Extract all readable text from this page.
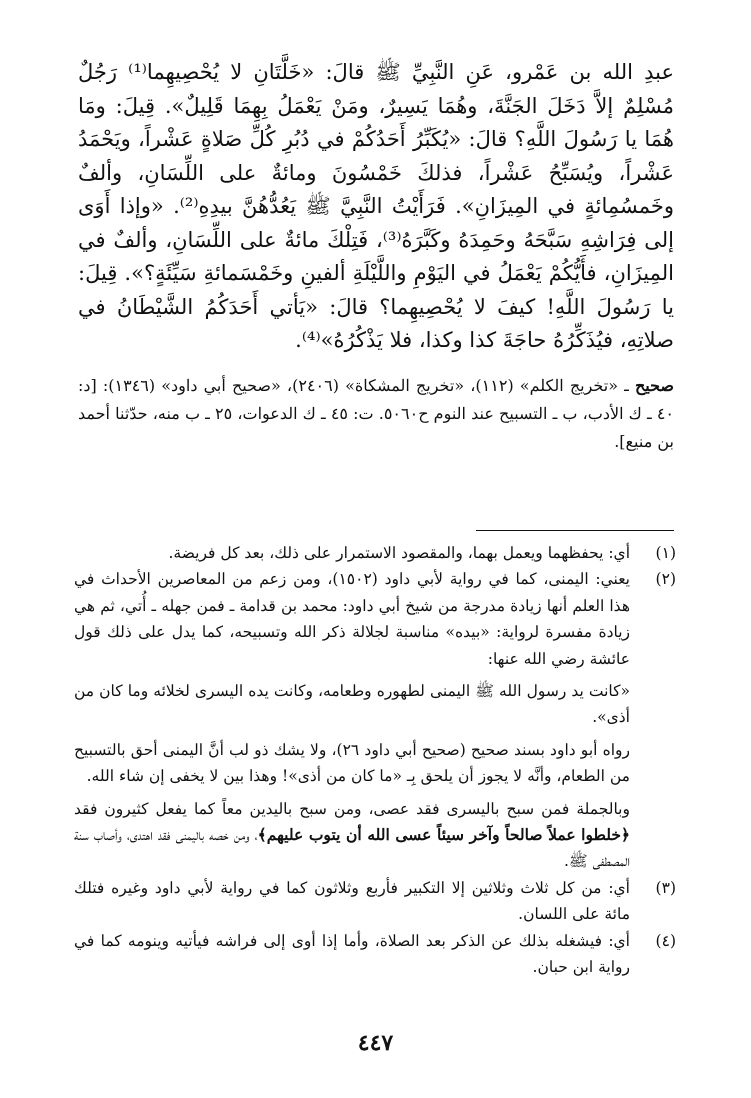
عبدِ الله بن عَمْرو، عَنِ النَّبِيِّ ﷺ قالَ: «خَلَّتَانِ لا يُحْصِيهِما⁽¹⁾ رَجُلٌ مُسْلِمٌ إلاَّ دَخَلَ الجَنَّةَ، وهُمَا يَسِيرٌ، ومَنْ يَعْمَلُ بِهِمَا قَلِيلٌ». قِيلَ: ومَا هُمَا يا رَسُولَ اللَّهِ؟ قالَ: «يُكَبِّرُ أَحَدُكُمْ في دُبُرِ كُلِّ صَلاةٍ عَشْراً، ويَحْمَدُ عَشْراً، ويُسَبِّحُ عَشْراً، فذلكَ خَمْسُونَ ومائةٌ على اللِّسَانِ، وألفٌ وخَمسُمِائةٍ في المِيزَانِ». فَرَأَيْتُ النَّبِيَّ ﷺ يَعُدُّهُنَّ بيدِهِ⁽²⁾. «وإذا أَوَى إلى فِرَاشِهِ سَبَّحَهُ وحَمِدَهُ وكَبَّرَهُ⁽³⁾، فَتِلْكَ مائةٌ على اللِّسَانِ، وألفٌ في المِيزَانِ، فأَيُّكُمْ يَعْمَلُ في اليَوْمِ واللَّيْلَةِ ألفينِ وخَمْسَمائةِ سَيِّئَةٍ؟». قِيلَ: يا رَسُولَ اللَّهِ! كيفَ لا يُحْصِيهِما؟ قالَ: «يَأتي أَحَدَكُمُ الشَّيْطَانُ في صلاتِهِ، فيُذَكِّرُهُ حاجَةَ كذا وكذا، فلا يَذْكُرُهُ»⁽⁴⁾.

صحيح ـ «تخريج الكلم» (١١٢)، «تخريج المشكاة» (٢٤٠٦)، «صحيح أبي داود» (١٣٤٦): [د: ٤٠ ـ ك الأدب، ب ـ التسبيح عند النوم ح٥٠٦٠. ت: ٤٥ ـ ك الدعوات، ٢٥ ـ ب منه، حدّثنا أحمد بن منيع].
(١)

أي: يحفظهما ويعمل بهما، والمقصود الاستمرار على ذلك، بعد كل فريضة.

(٢)

يعني: اليمنى، كما في رواية لأبي داود (١٥٠٢)، ومن زعم من المعاصرين الأحداث في هذا العلم أنها زيادة مدرجة من شيخ أبي داود: محمد بن قدامة ـ فمن جهله ـ أُتي، ثم هي زيادة مفسرة لرواية: «بيده» مناسبة لجلالة ذكر الله وتسبيحه، كما يدل على ذلك قول عائشة رضي الله عنها:

«كانت يد رسول الله ﷺ اليمنى لطهوره وطعامه، وكانت يده اليسرى لخلائه وما كان من أذى».

رواه أبو داود بسند صحيح (صحيح أبي داود ٢٦)، ولا يشك ذو لب أنَّ اليمنى أحق بالتسبيح من الطعام، وأنَّه لا يجوز أن يلحق بِـ «ما كان من أذى»! وهذا بين لا يخفى إن شاء الله.

وبالجملة فمن سبح باليسرى فقد عصى، ومن سبح باليدين معاً كما يفعل كثيرون فقد ﴿خلطوا عملاً صالحاً وآخر سيئاً عسى الله أن يتوب عليهم﴾، ومن خصه باليمنى فقد اهتدى، وأصاب سنة المصطفى ﷺ.

(٣)

أي: من كل ثلاث وثلاثين إلا التكبير فأربع وثلاثون كما في رواية لأبي داود وغيره فتلك مائة على اللسان.

(٤)

أي: فيشغله بذلك عن الذكر بعد الصلاة، وأما إذا أوى إلى فراشه فيأتيه وينومه كما في رواية ابن حبان.

٤٤٧
